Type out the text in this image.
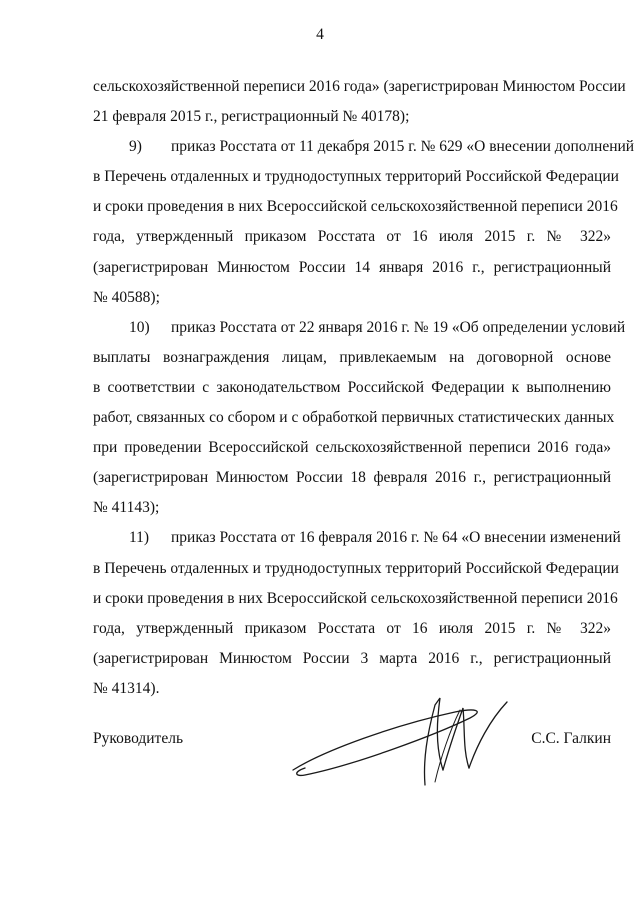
4
сельскохозяйственной переписи 2016 года» (зарегистрирован Минюстом России
21 февраля 2015 г., регистрационный № 40178);
9) приказ Росстата от 11 декабря 2015 г. № 629 «О внесении дополнений
в Перечень отдаленных и труднодоступных территорий Российской Федерации
и сроки проведения в них Всероссийской сельскохозяйственной переписи 2016
года, утвержденный приказом Росстата от 16 июля 2015 г. № 322»
(зарегистрирован Минюстом России 14 января 2016 г., регистрационный
№ 40588);
10) приказ Росстата от 22 января 2016 г. № 19 «Об определении условий
выплаты вознаграждения лицам, привлекаемым на договорной основе
в соответствии с законодательством Российской Федерации к выполнению
работ, связанных со сбором и с обработкой первичных статистических данных
при проведении Всероссийской сельскохозяйственной переписи 2016 года»
(зарегистрирован Минюстом России 18 февраля 2016 г., регистрационный
№ 41143);
11) приказ Росстата от 16 февраля 2016 г. № 64 «О внесении изменений
в Перечень отдаленных и труднодоступных территорий Российской Федерации
и сроки проведения в них Всероссийской сельскохозяйственной переписи 2016
года, утвержденный приказом Росстата от 16 июля 2015 г. № 322»
(зарегистрирован Минюстом России 3 марта 2016 г., регистрационный
№ 41314).
Руководитель	С.С. Галкин
